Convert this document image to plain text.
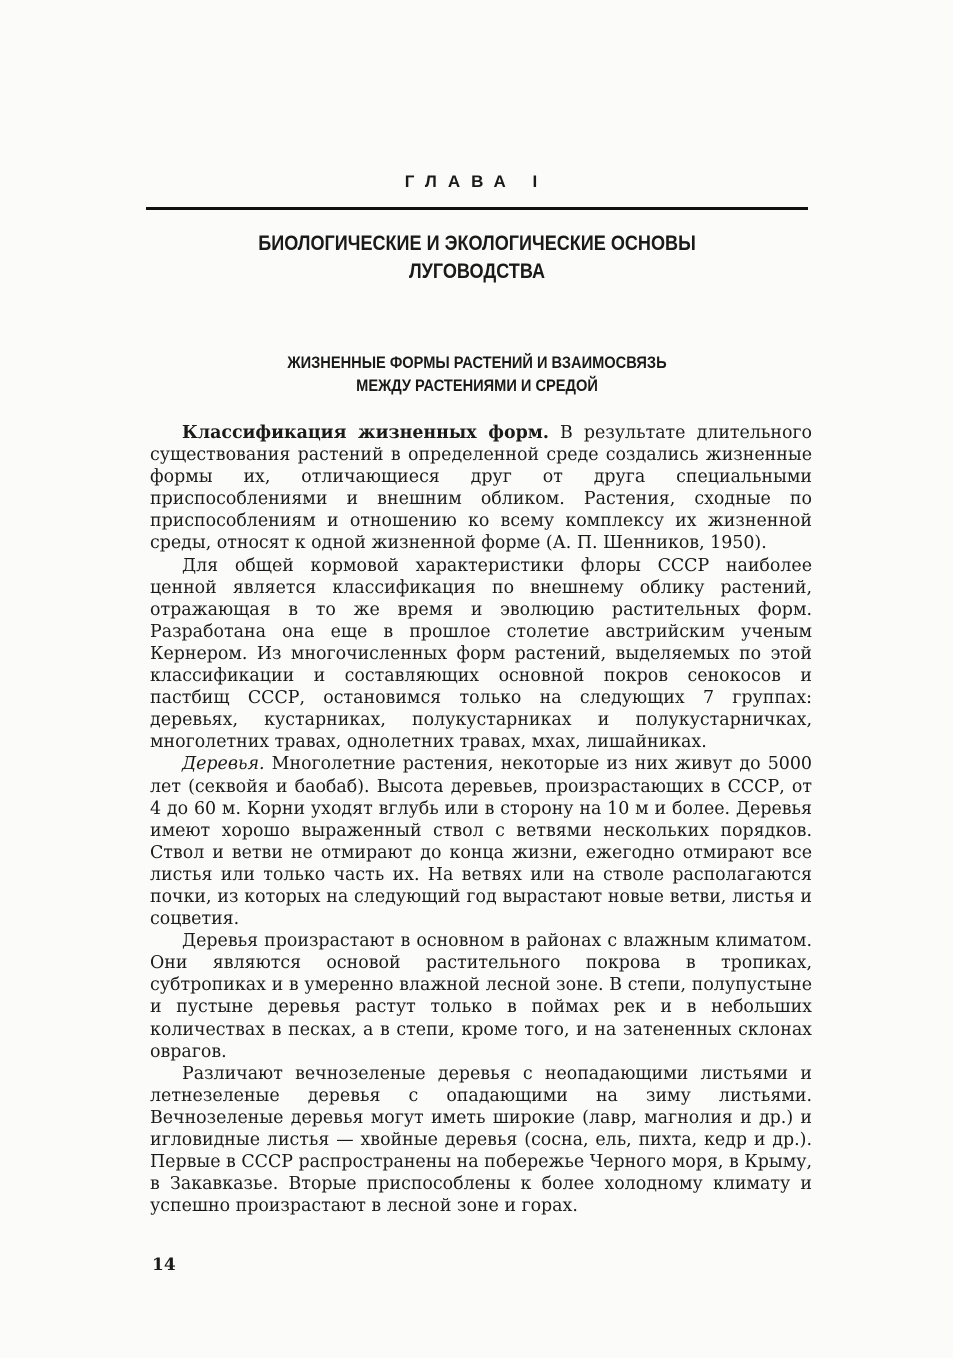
ГЛАВА I
БИОЛОГИЧЕСКИЕ И ЭКОЛОГИЧЕСКИЕ ОСНОВЫ
ЛУГОВОДСТВА
ЖИЗНЕННЫЕ ФОРМЫ РАСТЕНИЙ И ВЗАИМОСВЯЗЬ
МЕЖДУ РАСТЕНИЯМИ И СРЕДОЙ

Классификация жизненных форм. В результате длительного существования растений в определенной среде создались жизненные формы их, отличающиеся друг от друга специальными приспособлениями и внешним обликом. Растения, сходные по приспособлениям и отношению ко всему комплексу их жизненной среды, относят к одной жизненной форме (А. П. Шенников, 1950).

Для общей кормовой характеристики флоры СССР наиболее ценной является классификация по внешнему облику растений, отражающая в то же время и эволюцию растительных форм. Разработана она еще в прошлое столетие австрийским ученым Кернером. Из многочисленных форм растений, выделяемых по этой классификации и составляющих основной покров сенокосов и пастбищ СССР, остановимся только на следующих 7 группах: деревьях, кустарниках, полукустарниках и полукустарничках, многолетних травах, однолетних травах, мхах, лишайниках.

Деревья. Многолетние растения, некоторые из них живут до 5000 лет (секвойя и баобаб). Высота деревьев, произрастающих в СССР, от 4 до 60 м. Корни уходят вглубь или в сторону на 10 м и более. Деревья имеют хорошо выраженный ствол с ветвями нескольких порядков. Ствол и ветви не отмирают до конца жизни, ежегодно отмирают все листья или только часть их. На ветвях или на стволе располагаются почки, из которых на следующий год вырастают новые ветви, листья и соцветия.

Деревья произрастают в основном в районах с влажным климатом. Они являются основой растительного покрова в тропиках, субтропиках и в умеренно влажной лесной зоне. В степи, полупустыне и пустыне деревья растут только в поймах рек и в небольших количествах в песках, а в степи, кроме того, и на затененных склонах оврагов.

Различают вечнозеленые деревья с неопадающими листьями и летнезеленые деревья с опадающими на зиму листьями. Вечнозеленые деревья могут иметь широкие (лавр, магнолия и др.) и игловидные листья — хвойные деревья (сосна, ель, пихта, кедр и др.). Первые в СССР распространены на побережье Черного моря, в Крыму, в Закавказье. Вторые приспособлены к более холодному климату и успешно произрастают в лесной зоне и горах.

14
